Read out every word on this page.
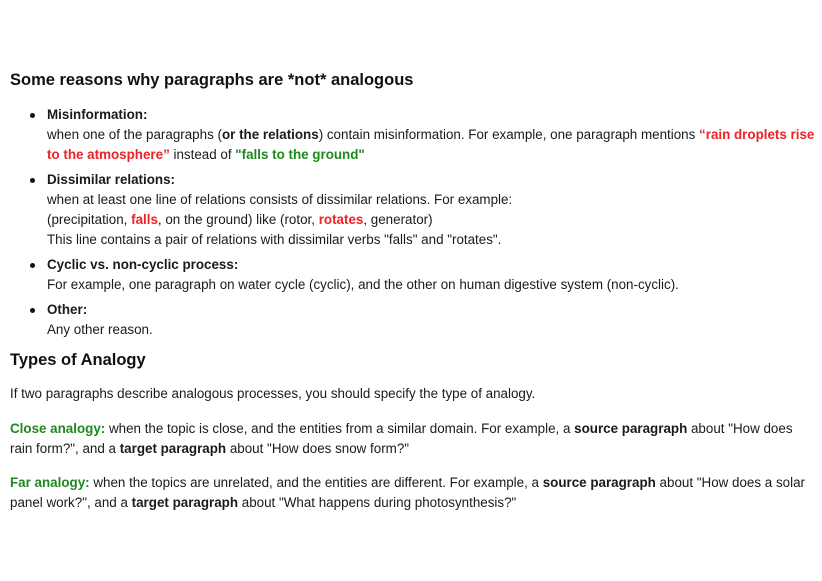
Some reasons why paragraphs are *not* analogous
Misinformation:
when one of the paragraphs (or the relations) contain misinformation. For example, one paragraph mentions “rain droplets rise to the atmosphere” instead of "falls to the ground"
Dissimilar relations:
when at least one line of relations consists of dissimilar relations. For example:
(precipitation, falls, on the ground) like (rotor, rotates, generator)
This line contains a pair of relations with dissimilar verbs "falls" and "rotates".
Cyclic vs. non-cyclic process:
For example, one paragraph on water cycle (cyclic), and the other on human digestive system (non-cyclic).
Other:
Any other reason.
Types of Analogy

If two paragraphs describe analogous processes, you should specify the type of analogy.

Close analogy: when the topic is close, and the entities from a similar domain. For example, a source paragraph about "How does rain form?", and a target paragraph about "How does snow form?"

Far analogy: when the topics are unrelated, and the entities are different. For example, a source paragraph about "How does a solar panel work?", and a target paragraph about "What happens during photosynthesis?"
